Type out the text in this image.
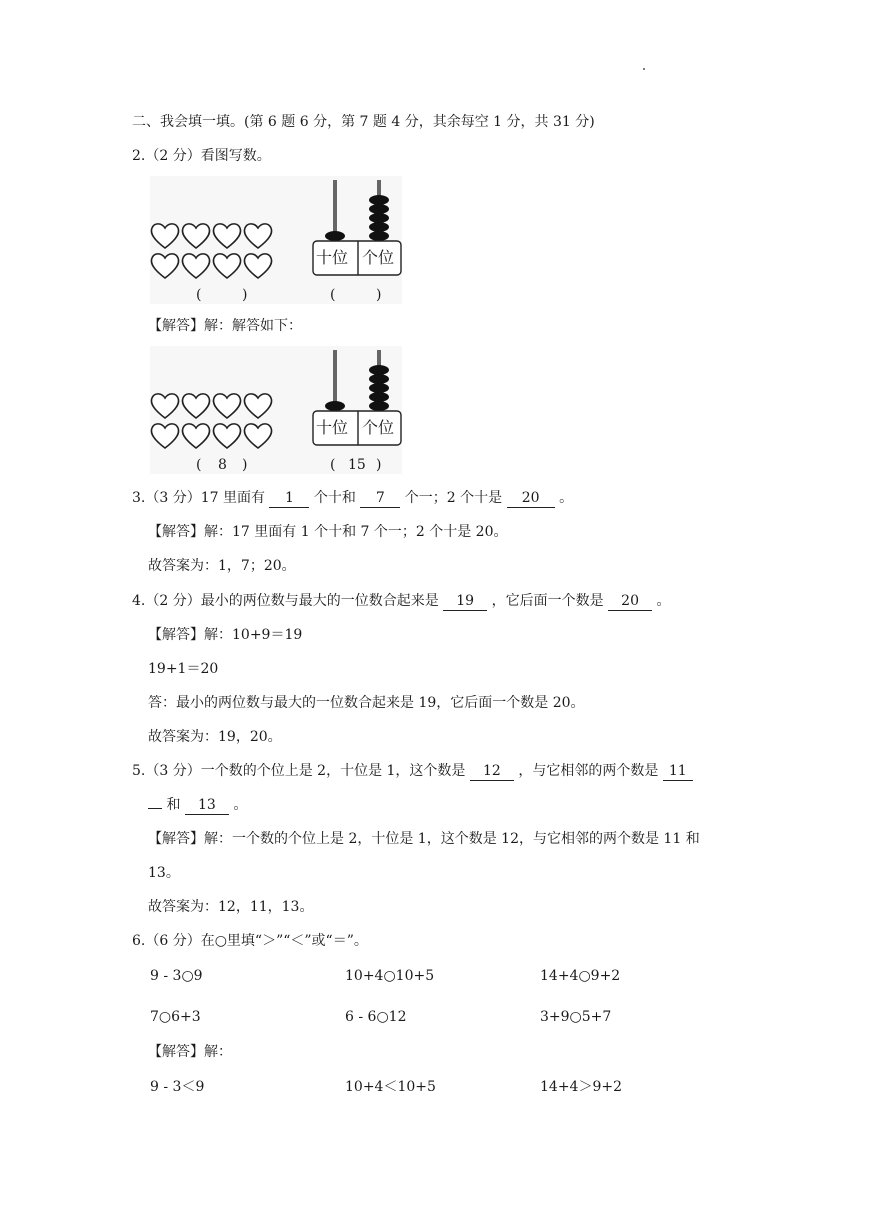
二、我会填一填。(第 6 题 6 分，第 7 题 4 分，其余每空 1 分，共 31 分)
2.（2 分）看图写数。
十位 个位
(	)	(	)
【解答】解：解答如下：
十位 个位
( 8 )	( 15 )
3.（3 分）17 里面有 1 个十和 7 个一；2 个十是 20 。
【解答】解：17 里面有 1 个十和 7 个一；2 个十是 20。
故答案为：1，7；20。
4.（2 分）最小的两位数与最大的一位数合起来是 19 ，它后面一个数是 20 。
【解答】解：10+9＝19
19+1＝20
答：最小的两位数与最大的一位数合起来是 19，它后面一个数是 20。
故答案为：19，20。
5.（3 分）一个数的个位上是 2，十位是 1，这个数是 12 ，与它相邻的两个数是 11
和 13 。
【解答】解：一个数的个位上是 2，十位是 1，这个数是 12，与它相邻的两个数是 11 和
13。
故答案为：12，11，13。
6.（6 分）在○里填“＞”“＜”或“＝”。
9 - 3○9	10+4○10+5	14+4○9+2
7○6+3	6 - 6○12	3+9○5+7
【解答】解：
9 - 3＜9	10+4＜10+5	14+4＞9+2
